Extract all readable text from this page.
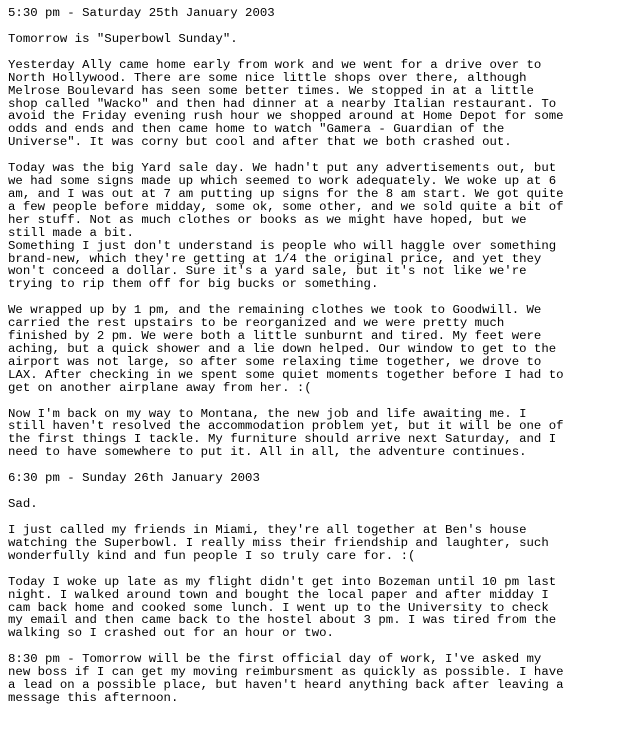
5:30 pm - Saturday 25th January 2003

Tomorrow is "Superbowl Sunday".

Yesterday Ally came home early from work and we went for a drive over to
North Hollywood. There are some nice little shops over there, although
Melrose Boulevard has seen some better times. We stopped in at a little
shop called "Wacko" and then had dinner at a nearby Italian restaurant. To
avoid the Friday evening rush hour we shopped around at Home Depot for some
odds and ends and then came home to watch "Gamera - Guardian of the
Universe". It was corny but cool and after that we both crashed out.

Today was the big Yard sale day. We hadn't put any advertisements out, but
we had some signs made up which seemed to work adequately. We woke up at 6
am, and I was out at 7 am putting up signs for the 8 am start. We got quite
a few people before midday, some ok, some other, and we sold quite a bit of
her stuff. Not as much clothes or books as we might have hoped, but we
still made a bit.
Something I just don't understand is people who will haggle over something
brand-new, which they're getting at 1/4 the original price, and yet they
won't conceed a dollar. Sure it's a yard sale, but it's not like we're
trying to rip them off for big bucks or something.

We wrapped up by 1 pm, and the remaining clothes we took to Goodwill. We
carried the rest upstairs to be reorganized and we were pretty much
finished by 2 pm. We were both a little sunburnt and tired. My feet were
aching, but a quick shower and a lie down helped. Our window to get to the
airport was not large, so after some relaxing time together, we drove to
LAX. After checking in we spent some quiet moments together before I had to
get on another airplane away from her. :(

Now I'm back on my way to Montana, the new job and life awaiting me. I
still haven't resolved the accommodation problem yet, but it will be one of
the first things I tackle. My furniture should arrive next Saturday, and I
need to have somewhere to put it. All in all, the adventure continues.

6:30 pm - Sunday 26th January 2003

Sad.

I just called my friends in Miami, they're all together at Ben's house
watching the Superbowl. I really miss their friendship and laughter, such
wonderfully kind and fun people I so truly care for. :(

Today I woke up late as my flight didn't get into Bozeman until 10 pm last
night. I walked around town and bought the local paper and after midday I
cam back home and cooked some lunch. I went up to the University to check
my email and then came back to the hostel about 3 pm. I was tired from the
walking so I crashed out for an hour or two.

8:30 pm - Tomorrow will be the first official day of work, I've asked my
new boss if I can get my moving reimbursment as quickly as possible. I have
a lead on a possible place, but haven't heard anything back after leaving a
message this afternoon.
